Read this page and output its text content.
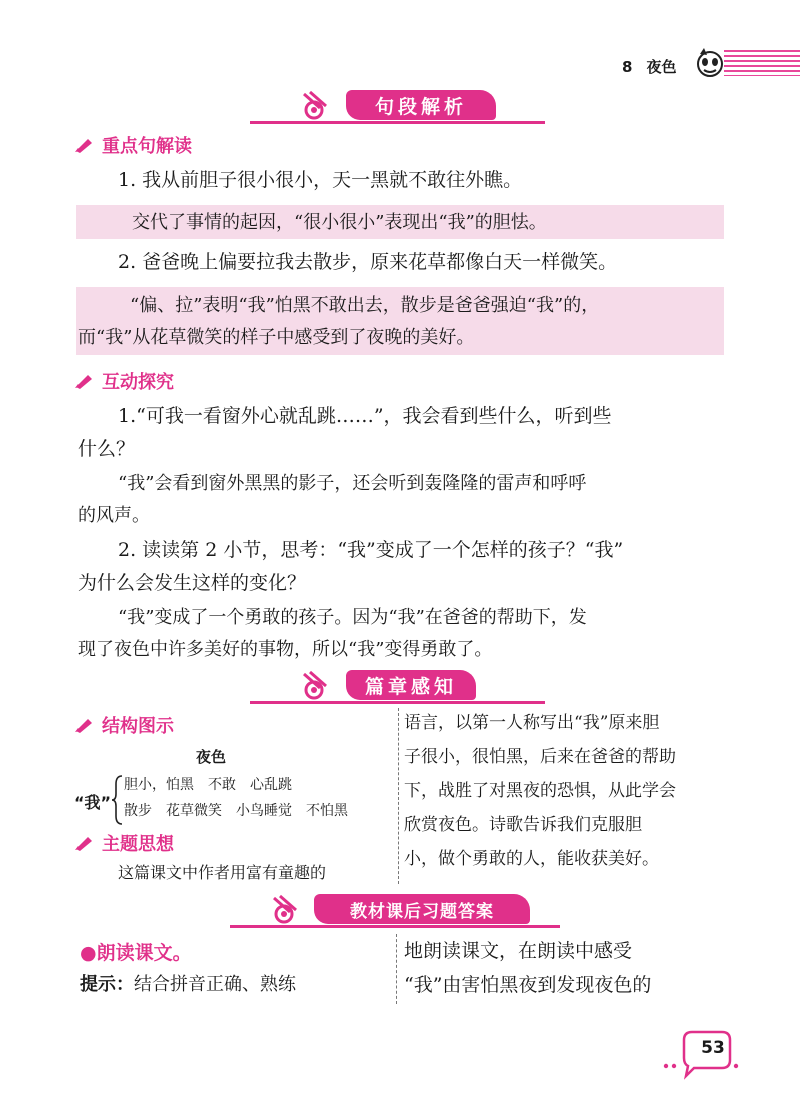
8 夜色
句段解析
重点句解读
1. 我从前胆子很小很小，天一黑就不敢往外瞧。
交代了事情的起因，“很小很小”表现出“我”的胆怯。
2. 爸爸晚上偏要拉我去散步，原来花草都像白天一样微笑。
“偏、拉”表明“我”怕黑不敢出去，散步是爸爸强迫“我”的，
而“我”从花草微笑的样子中感受到了夜晚的美好。
互动探究
1.“可我一看窗外心就乱跳……”，我会看到些什么，听到些
什么？
“我”会看到窗外黑黑的影子，还会听到轰隆隆的雷声和呼呼
的风声。
2. 读读第 2 小节，思考：“我”变成了一个怎样的孩子？“我”
为什么会发生这样的变化？
“我”变成了一个勇敢的孩子。因为“我”在爸爸的帮助下，发
现了夜色中许多美好的事物，所以“我”变得勇敢了。
篇章感知
结构图示
夜色
“我”
胆小，怕黑　不敢　心乱跳
散步　花草微笑　小鸟睡觉　不怕黑
主题思想
这篇课文中作者用富有童趣的
语言，以第一人称写出“我”原来胆
子很小，很怕黑，后来在爸爸的帮助
下，战胜了对黑夜的恐惧，从此学会
欣赏夜色。诗歌告诉我们克服胆
小，做个勇敢的人，能收获美好。
教材课后习题答案
●朗读课文。
提示：结合拼音正确、熟练
地朗读课文，在朗读中感受
“我”由害怕黑夜到发现夜色的
53
